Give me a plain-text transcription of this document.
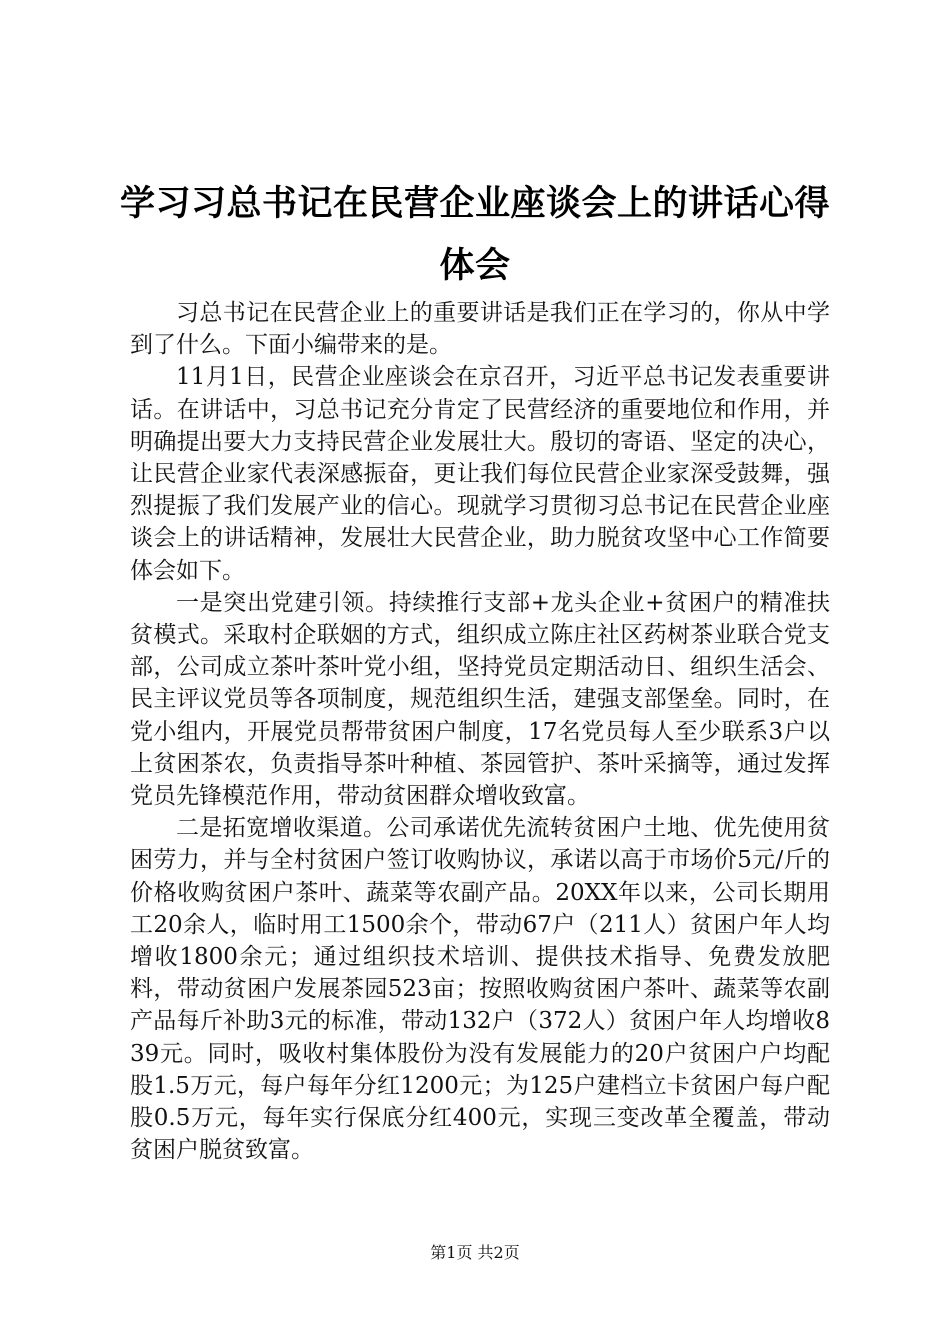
学习习总书记在民营企业座谈会上的讲话心得
体会

习总书记在民营企业上的重要讲话是我们正在学习的，你从中学到了什么。下面小编带来的是。

11月1日，民营企业座谈会在京召开，习近平总书记发表重要讲话。在讲话中，习总书记充分肯定了民营经济的重要地位和作用，并明确提出要大力支持民营企业发展壮大。殷切的寄语、坚定的决心，让民营企业家代表深感振奋，更让我们每位民营企业家深受鼓舞，强烈提振了我们发展产业的信心。现就学习贯彻习总书记在民营企业座谈会上的讲话精神，发展壮大民营企业，助力脱贫攻坚中心工作简要体会如下。

一是突出党建引领。持续推行支部+龙头企业+贫困户的精准扶贫模式。采取村企联姻的方式，组织成立陈庄社区药树茶业联合党支部，公司成立茶叶茶叶党小组，坚持党员定期活动日、组织生活会、民主评议党员等各项制度，规范组织生活，建强支部堡垒。同时，在党小组内，开展党员帮带贫困户制度，17名党员每人至少联系3户以上贫困茶农，负责指导茶叶种植、茶园管护、茶叶采摘等，通过发挥党员先锋模范作用，带动贫困群众增收致富。

二是拓宽增收渠道。公司承诺优先流转贫困户土地、优先使用贫困劳力，并与全村贫困户签订收购协议，承诺以高于市场价5元/斤的价格收购贫困户茶叶、蔬菜等农副产品。20XX年以来，公司长期用工20余人，临时用工1500余个，带动67户（211人）贫困户年人均增收1800余元；通过组织技术培训、提供技术指导、免费发放肥料，带动贫困户发展茶园523亩；按照收购贫困户茶叶、蔬菜等农副产品每斤补助3元的标准，带动132户（372人）贫困户年人均增收839元。同时，吸收村集体股份为没有发展能力的20户贫困户户均配股1.5万元，每户每年分红1200元；为125户建档立卡贫困户每户配股0.5万元，每年实行保底分红400元，实现三变改革全覆盖，带动贫困户脱贫致富。

第1页 共2页
